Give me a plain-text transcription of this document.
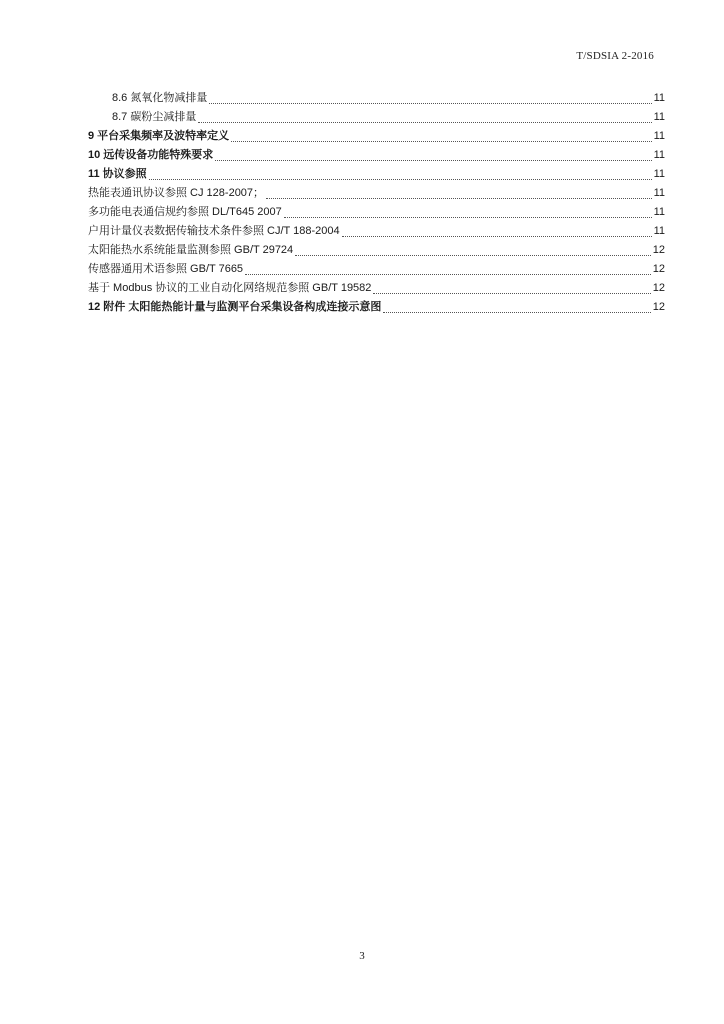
T/SDSIA 2-2016
8.6 氮氧化物减排量	11
8.7 碳粉尘减排量	11
9 平台采集频率及波特率定义	11
10 远传设备功能特殊要求	11
11 协议参照	11
热能表通讯协议参照 CJ 128-2007；	11
多功能电表通信规约参照 DL/T645 2007	11
户用计量仪表数据传输技术条件参照 CJ/T 188-2004	11
太阳能热水系统能量监测参照 GB/T 29724	12
传感器通用术语参照 GB/T 7665	12
基于 Modbus 协议的工业自动化网络规范参照 GB/T 19582	12
12 附件 太阳能热能计量与监测平台采集设备构成连接示意图	12
3
